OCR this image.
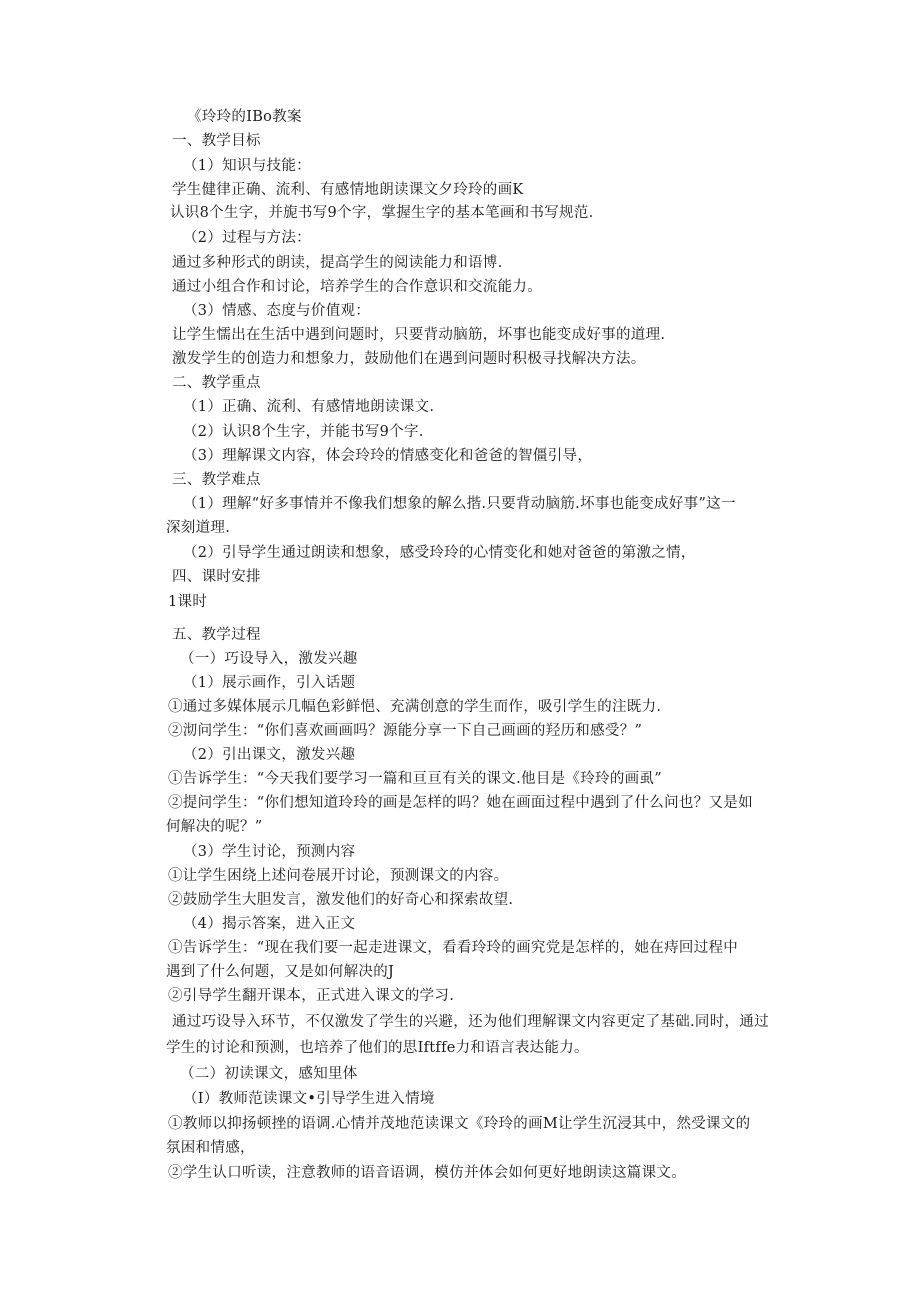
《玲玲的IBo教案
一、教学目标
（1）知识与技能：
学生健律正确、流利、有感情地朗读课文夕玲玲的画K
认识8个生字，并旎书写9个字，掌握生字的基本笔画和书写规范.
（2）过程与方法：
通过多种形式的朗读，提高学生的阅读能力和语博.
通过小组合作和讨论，培养学生的合作意识和交流能力。
（3）情感、态度与价值观：
让学生懦出在生活中遇到问题时，只要背动脑筋，坏事也能变成好事的道理.
激发学生的创造力和想象力，鼓励他们在遇到问题时积极寻找解决方法。
二、教学重点
（1）正确、流利、有感情地朗读课文.
（2）认识8个生字，并能书写9个字.
（3）理解课文内容，体会玲玲的情感变化和爸爸的智僵引导，
三、教学难点
（1）理解“好多事情并不像我们想象的解么揩.只要背动脑筋.坏事也能变成好事”这一
深刻道理.
（2）引导学生通过朗读和想象，感受玲玲的心情变化和她对爸爸的第激之情，
四、课时安排
1课时
五、教学过程
（一）巧设导入，激发兴趣
（1）展示画作，引入话题
①通过多媒体展示几幅色彩鲜悒、充满创意的学生而作，吸引学生的注既力.
②沏问学生：“你们喜欢画画吗？源能分享一下自己画画的羟历和感受？”
（2）引出课文，激发兴趣
①告诉学生：“今天我们要学习一篇和亘亘有关的课文.他目是《玲玲的画虱”
②提问学生：“你们想知道玲玲的画是怎样的吗？她在画面过程中遇到了什么问也？又是如
何解决的呢？”
（3）学生讨论，预测内容
①让学生困绕上述问卷展开讨论，预测课文的内容。
②鼓励学生大胆发言，激发他们的好奇心和探索故望.
（4）揭示答案，进入正文
①告诉学生：“现在我们要一起走进课文，看看玲玲的画究党是怎样的，她在痔回过程中
遇到了什么何题，又是如何解决的J
②引导学生翻开课本，正式进入课文的学习.
通过巧设导入环节，不仅激发了学生的兴避，还为他们理解课文内容更定了基础.同时，通过
学生的讨论和预测，也培养了他们的思Iftffe力和语言表达能力。
（二）初读课文，感知里体
（I）教师范读课文•引导学生进入情境
①教师以抑扬顿挫的语调.心情并茂地范读课文《玲玲的画M让学生沉浸其中，然受课文的
氛困和情感，
②学生认口听读，注意教师的语音语调，模仿并体会如何更好地朗读这篇课文。
